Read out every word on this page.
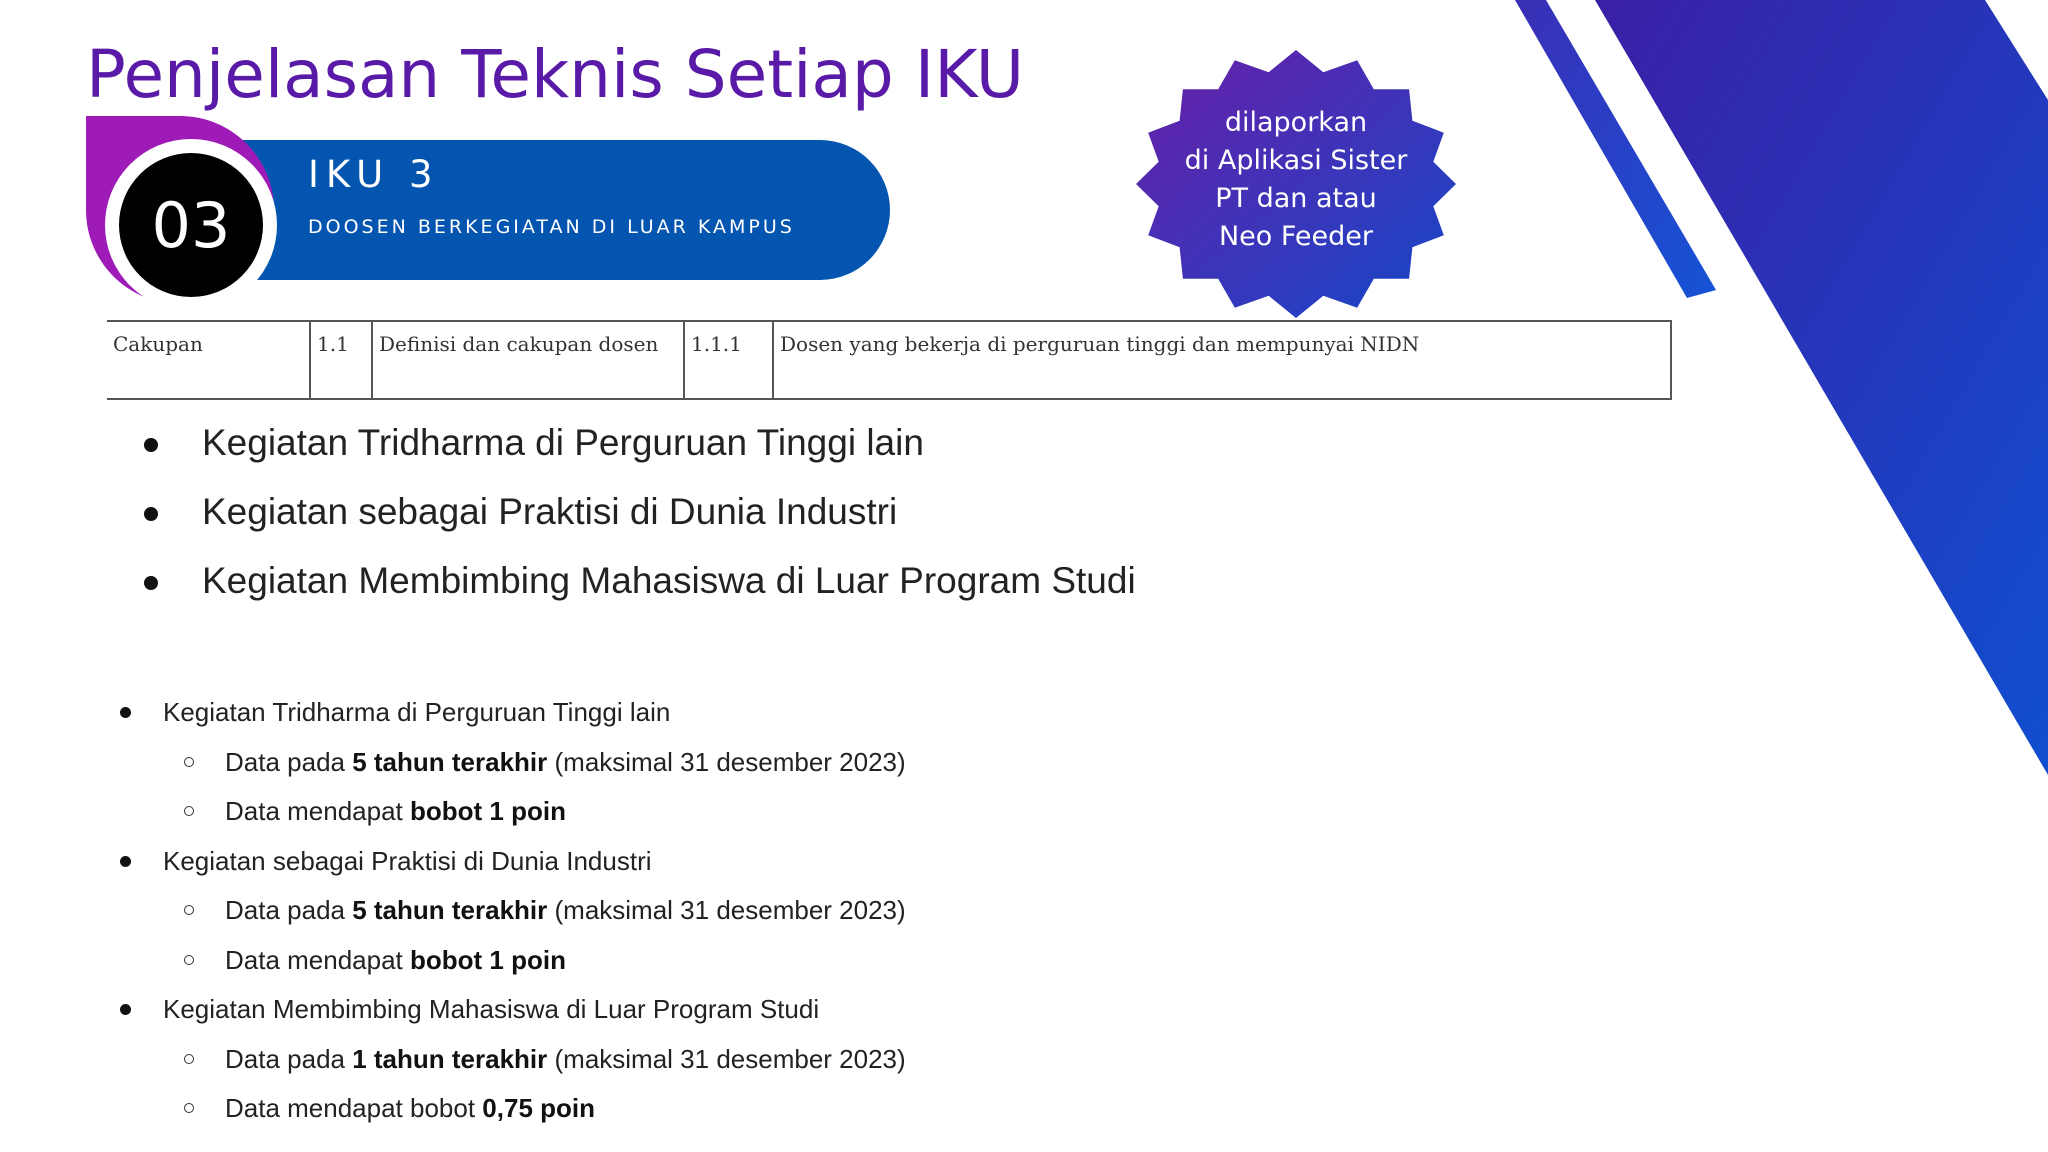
Penjelasan Teknis Setiap IKU
03
IKU 3
DOOSEN BERKEGIATAN DI LUAR KAMPUS
dilaporkan
di Aplikasi Sister
PT dan atau
Neo Feeder
Cakupan	1.1	Definisi dan cakupan dosen	1.1.1	Dosen yang bekerja di perguruan tinggi dan mempunyai NIDN
Kegiatan Tridharma di Perguruan Tinggi lain
Kegiatan sebagai Praktisi di Dunia Industri
Kegiatan Membimbing Mahasiswa di Luar Program Studi
Kegiatan Tridharma di Perguruan Tinggi lain
Data pada 5 tahun terakhir (maksimal 31 desember 2023)
Data mendapat bobot 1 poin
Kegiatan sebagai Praktisi di Dunia Industri
Data pada 5 tahun terakhir (maksimal 31 desember 2023)
Data mendapat bobot 1 poin
Kegiatan Membimbing Mahasiswa di Luar Program Studi
Data pada 1 tahun terakhir (maksimal 31 desember 2023)
Data mendapat bobot 0,75 poin
